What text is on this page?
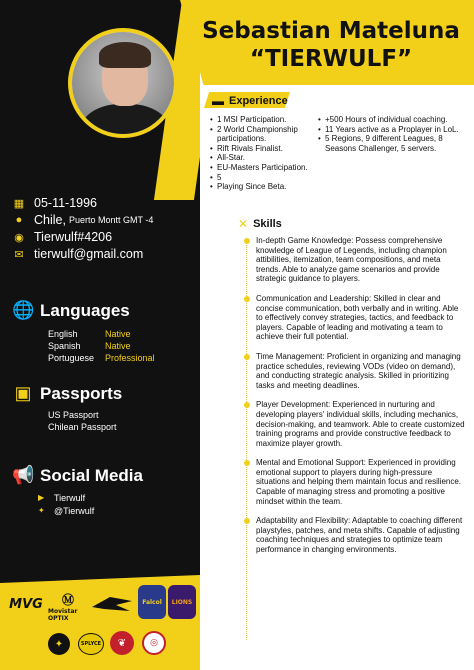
Sebastian Mateluna
“TIERWULF”
▦ 05-11-1996
● Chile, Puerto Montt GMT -4
◉ Tierwulf#4206
✉ tierwulf@gmail.com
🌐 Languages
English	Native
Spanish	Native
Portuguese	Professional
▣ Passports
US Passport
Chilean Passport
📢 Social Media
▶	Tierwulf
✦	@Tierwulf
MVG Ⓜ
Movistar OPTIX
Falcol	LIONS
✦	SPLYCE	❦	◎
▬ Experience
• 1 MSI Participation.
• 2 World Championship participations.
• Rift Rivals Finalist.
• All-Star.
• EU-Masters Participation.
• 5
• Playing Since Beta.
• +500 Hours of individual coaching.
• 11 Years active as a Proplayer in LoL.
• 5 Regions, 9 different Leagues, 8 Seasons Challenger, 5 servers.
✕ Skills
In-depth Game Knowledge: Possess comprehensive knowledge of League of Legends, including champion attibilities, itemization, team compositions, and meta trends. Able to analyze game scenarios and provide strategic guidance to players.
Communication and Leadership: Skilled in clear and concise communication, both verbally and in writing. Able to effectively convey strategies, tactics, and feedback to players. Capable of leading and motivating a team to achieve their full potential.
Time Management: Proficient in organizing and managing practice schedules, reviewing VODs (video on demand), and conducting strategic analysis. Skilled in prioritizing tasks and meeting deadlines.
Player Development: Experienced in nurturing and developing players' individual skills, including mechanics, decision-making, and teamwork. Able to create customized training programs and provide constructive feedback to maximize player growth.
Mental and Emotional Support: Experienced in providing emotional support to players during high-pressure situations and helping them maintain focus and resilience. Capable of managing stress and promoting a positive mindset within the team.
Adaptability and Flexibility: Adaptable to coaching different playstyles, patches, and meta shifts. Capable of adjusting coaching techniques and strategies to optimize team performance in changing environments.
